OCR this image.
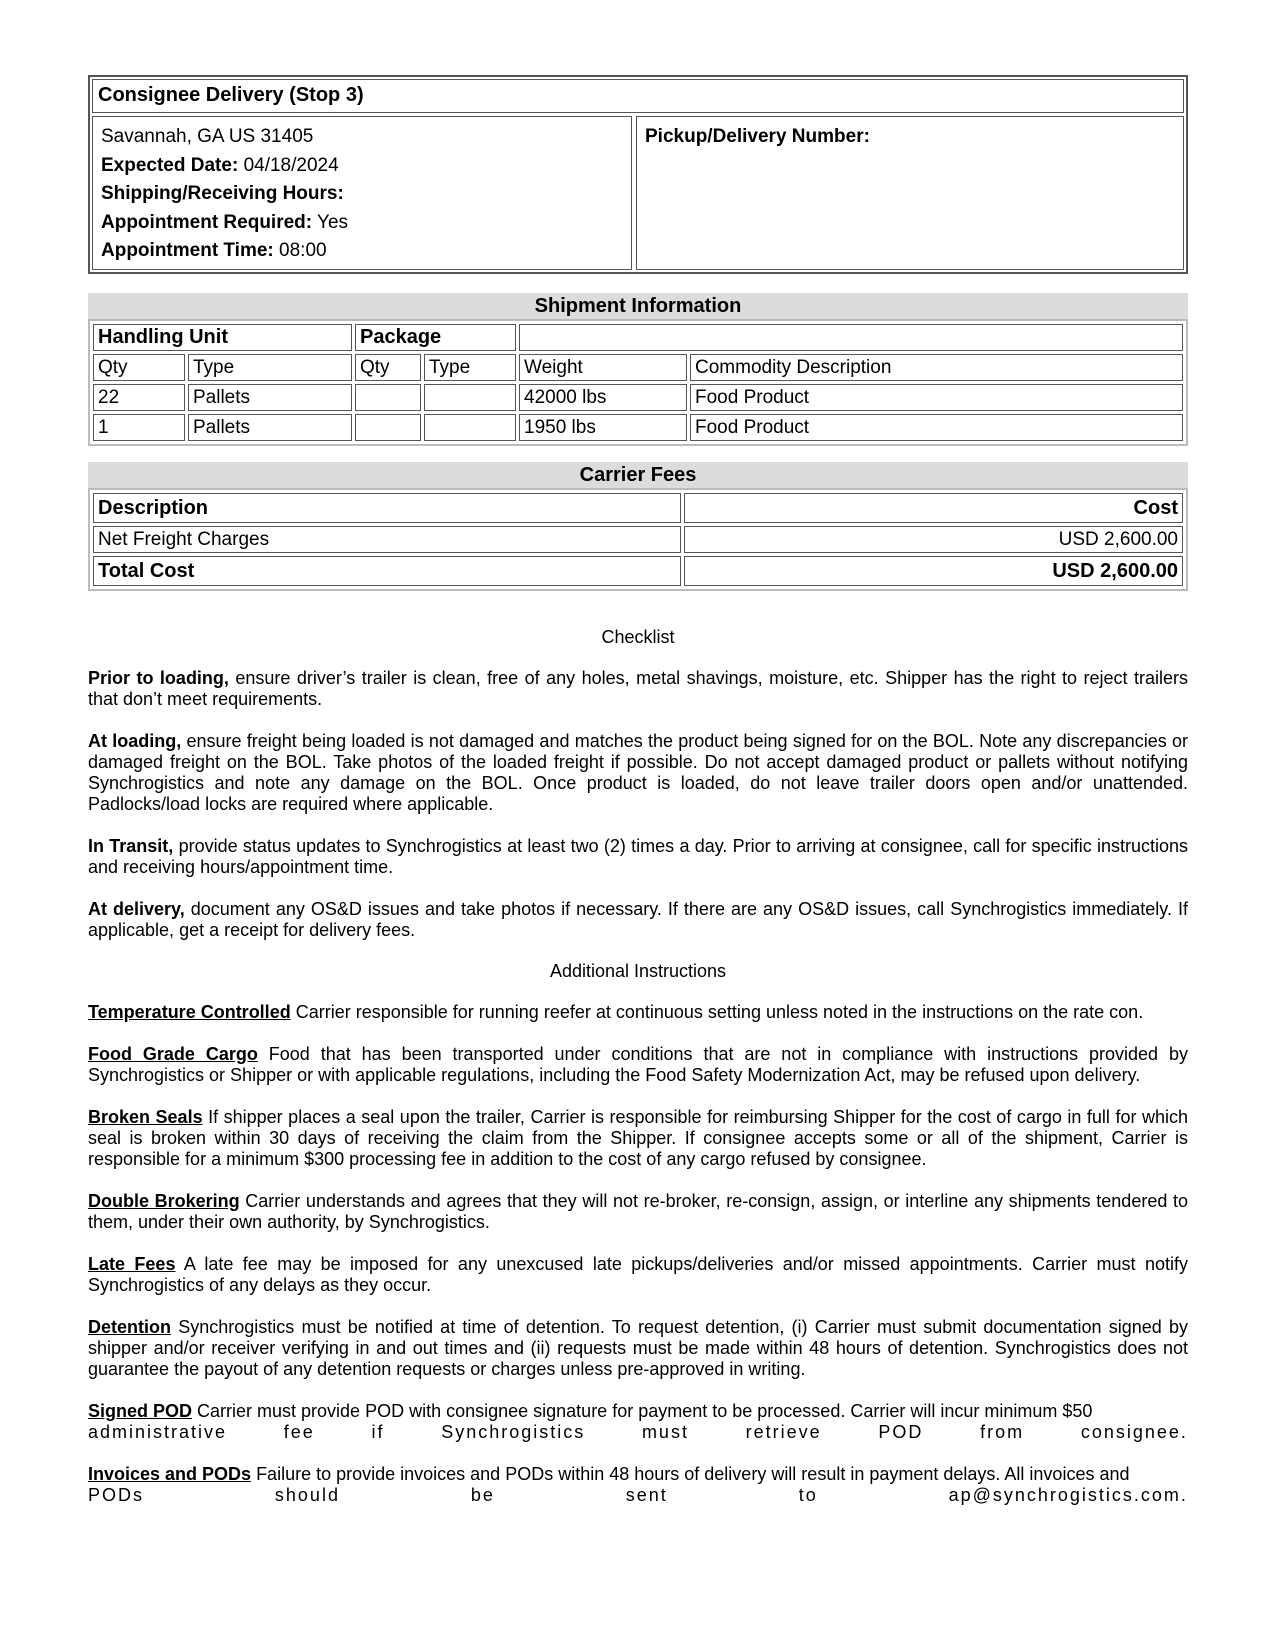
Consignee Delivery (Stop 3)
Savannah, GA US 31405
Expected Date: 04/18/2024
Shipping/Receiving Hours:
Appointment Required: Yes
Appointment Time: 08:00
Pickup/Delivery Number:
Shipment Information
Handling Unit		Package			
Qty	Type	Qty	Type	Weight	Commodity Description
22	Pallets			42000 lbs	Food Product
1	Pallets			1950 lbs	Food Product
Carrier Fees
Description	Cost
Net Freight Charges	USD 2,600.00
Total Cost	USD 2,600.00
Checklist

Prior to loading, ensure driver’s trailer is clean, free of any holes, metal shavings, moisture, etc. Shipper has the right to reject trailers that don’t meet requirements.

At loading, ensure freight being loaded is not damaged and matches the product being signed for on the BOL. Note any discrepancies or damaged freight on the BOL. Take photos of the loaded freight if possible. Do not accept damaged product or pallets without notifying Synchrogistics and note any damage on the BOL. Once product is loaded, do not leave trailer doors open and/or unattended. Padlocks/load locks are required where applicable.

In Transit, provide status updates to Synchrogistics at least two (2) times a day. Prior to arriving at consignee, call for specific instructions and receiving hours/appointment time.

At delivery, document any OS&D issues and take photos if necessary. If there are any OS&D issues, call Synchrogistics immediately. If applicable, get a receipt for delivery fees.

Additional Instructions

Temperature Controlled Carrier responsible for running reefer at continuous setting unless noted in the instructions on the rate con.

Food Grade Cargo Food that has been transported under conditions that are not in compliance with instructions provided by Synchrogistics or Shipper or with applicable regulations, including the Food Safety Modernization Act, may be refused upon delivery.

Broken Seals If shipper places a seal upon the trailer, Carrier is responsible for reimbursing Shipper for the cost of cargo in full for which seal is broken within 30 days of receiving the claim from the Shipper. If consignee accepts some or all of the shipment, Carrier is responsible for a minimum $300 processing fee in addition to the cost of any cargo refused by consignee.

Double Brokering Carrier understands and agrees that they will not re-broker, re-consign, assign, or interline any shipments tendered to them, under their own authority, by Synchrogistics.

Late Fees A late fee may be imposed for any unexcused late pickups/deliveries and/or missed appointments. Carrier must notify Synchrogistics of any delays as they occur.

Detention Synchrogistics must be notified at time of detention. To request detention, (i) Carrier must submit documentation signed by shipper and/or receiver verifying in and out times and (ii) requests must be made within 48 hours of detention. Synchrogistics does not guarantee the payout of any detention requests or charges unless pre-approved in writing.

Signed POD Carrier must provide POD with consignee signature for payment to be processed. Carrier will incur minimum $50

administrative	fee	if	Synchrogistics	must	retrieve	POD	from	consignee.

Invoices and PODs Failure to provide invoices and PODs within 48 hours of delivery will result in payment delays. All invoices and

PODs	should	be	sent	to	ap@synchrogistics.com.
